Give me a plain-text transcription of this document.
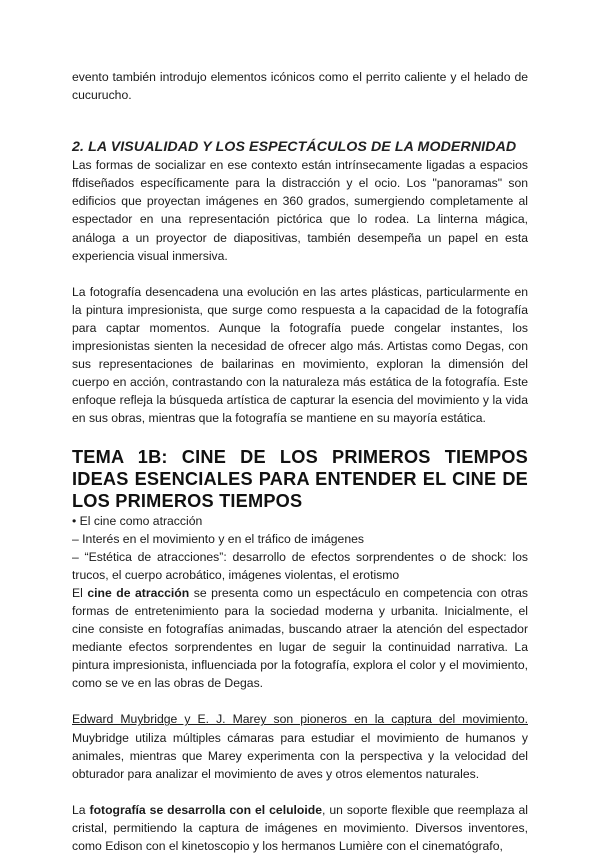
evento también introdujo elementos icónicos como el perrito caliente y el helado de cucurucho.

2. LA VISUALIDAD Y LOS ESPECTÁCULOS DE LA MODERNIDAD

Las formas de socializar en ese contexto están intrínsecamente ligadas a espacios ffdiseñados específicamente para la distracción y el ocio. Los "panoramas" son edificios que proyectan imágenes en 360 grados, sumergiendo completamente al espectador en una representación pictórica que lo rodea. La linterna mágica, análoga a un proyector de diapositivas, también desempeña un papel en esta experiencia visual inmersiva.

La fotografía desencadena una evolución en las artes plásticas, particularmente en la pintura impresionista, que surge como respuesta a la capacidad de la fotografía para captar momentos. Aunque la fotografía puede congelar instantes, los impresionistas sienten la necesidad de ofrecer algo más. Artistas como Degas, con sus representaciones de bailarinas en movimiento, exploran la dimensión del cuerpo en acción, contrastando con la naturaleza más estática de la fotografía. Este enfoque refleja la búsqueda artística de capturar la esencia del movimiento y la vida en sus obras, mientras que la fotografía se mantiene en su mayoría estática.

TEMA 1B: CINE DE LOS PRIMEROS TIEMPOS IDEAS ESENCIALES PARA ENTENDER EL CINE DE LOS PRIMEROS TIEMPOS
• El cine como atracción
– Interés en el movimiento y en el tráfico de imágenes
– “Estética de atracciones”: desarrollo de efectos sorprendentes o de shock: los trucos, el cuerpo acrobático, imágenes violentas, el erotismo

El cine de atracción se presenta como un espectáculo en competencia con otras formas de entretenimiento para la sociedad moderna y urbanita. Inicialmente, el cine consiste en fotografías animadas, buscando atraer la atención del espectador mediante efectos sorprendentes en lugar de seguir la continuidad narrativa. La pintura impresionista, influenciada por la fotografía, explora el color y el movimiento, como se ve en las obras de Degas.

Edward Muybridge y E. J. Marey son pioneros en la captura del movimiento. Muybridge utiliza múltiples cámaras para estudiar el movimiento de humanos y animales, mientras que Marey experimenta con la perspectiva y la velocidad del obturador para analizar el movimiento de aves y otros elementos naturales.

La fotografía se desarrolla con el celuloide, un soporte flexible que reemplaza al cristal, permitiendo la captura de imágenes en movimiento. Diversos inventores, como Edison con el kinetoscopio y los hermanos Lumière con el cinematógrafo,
